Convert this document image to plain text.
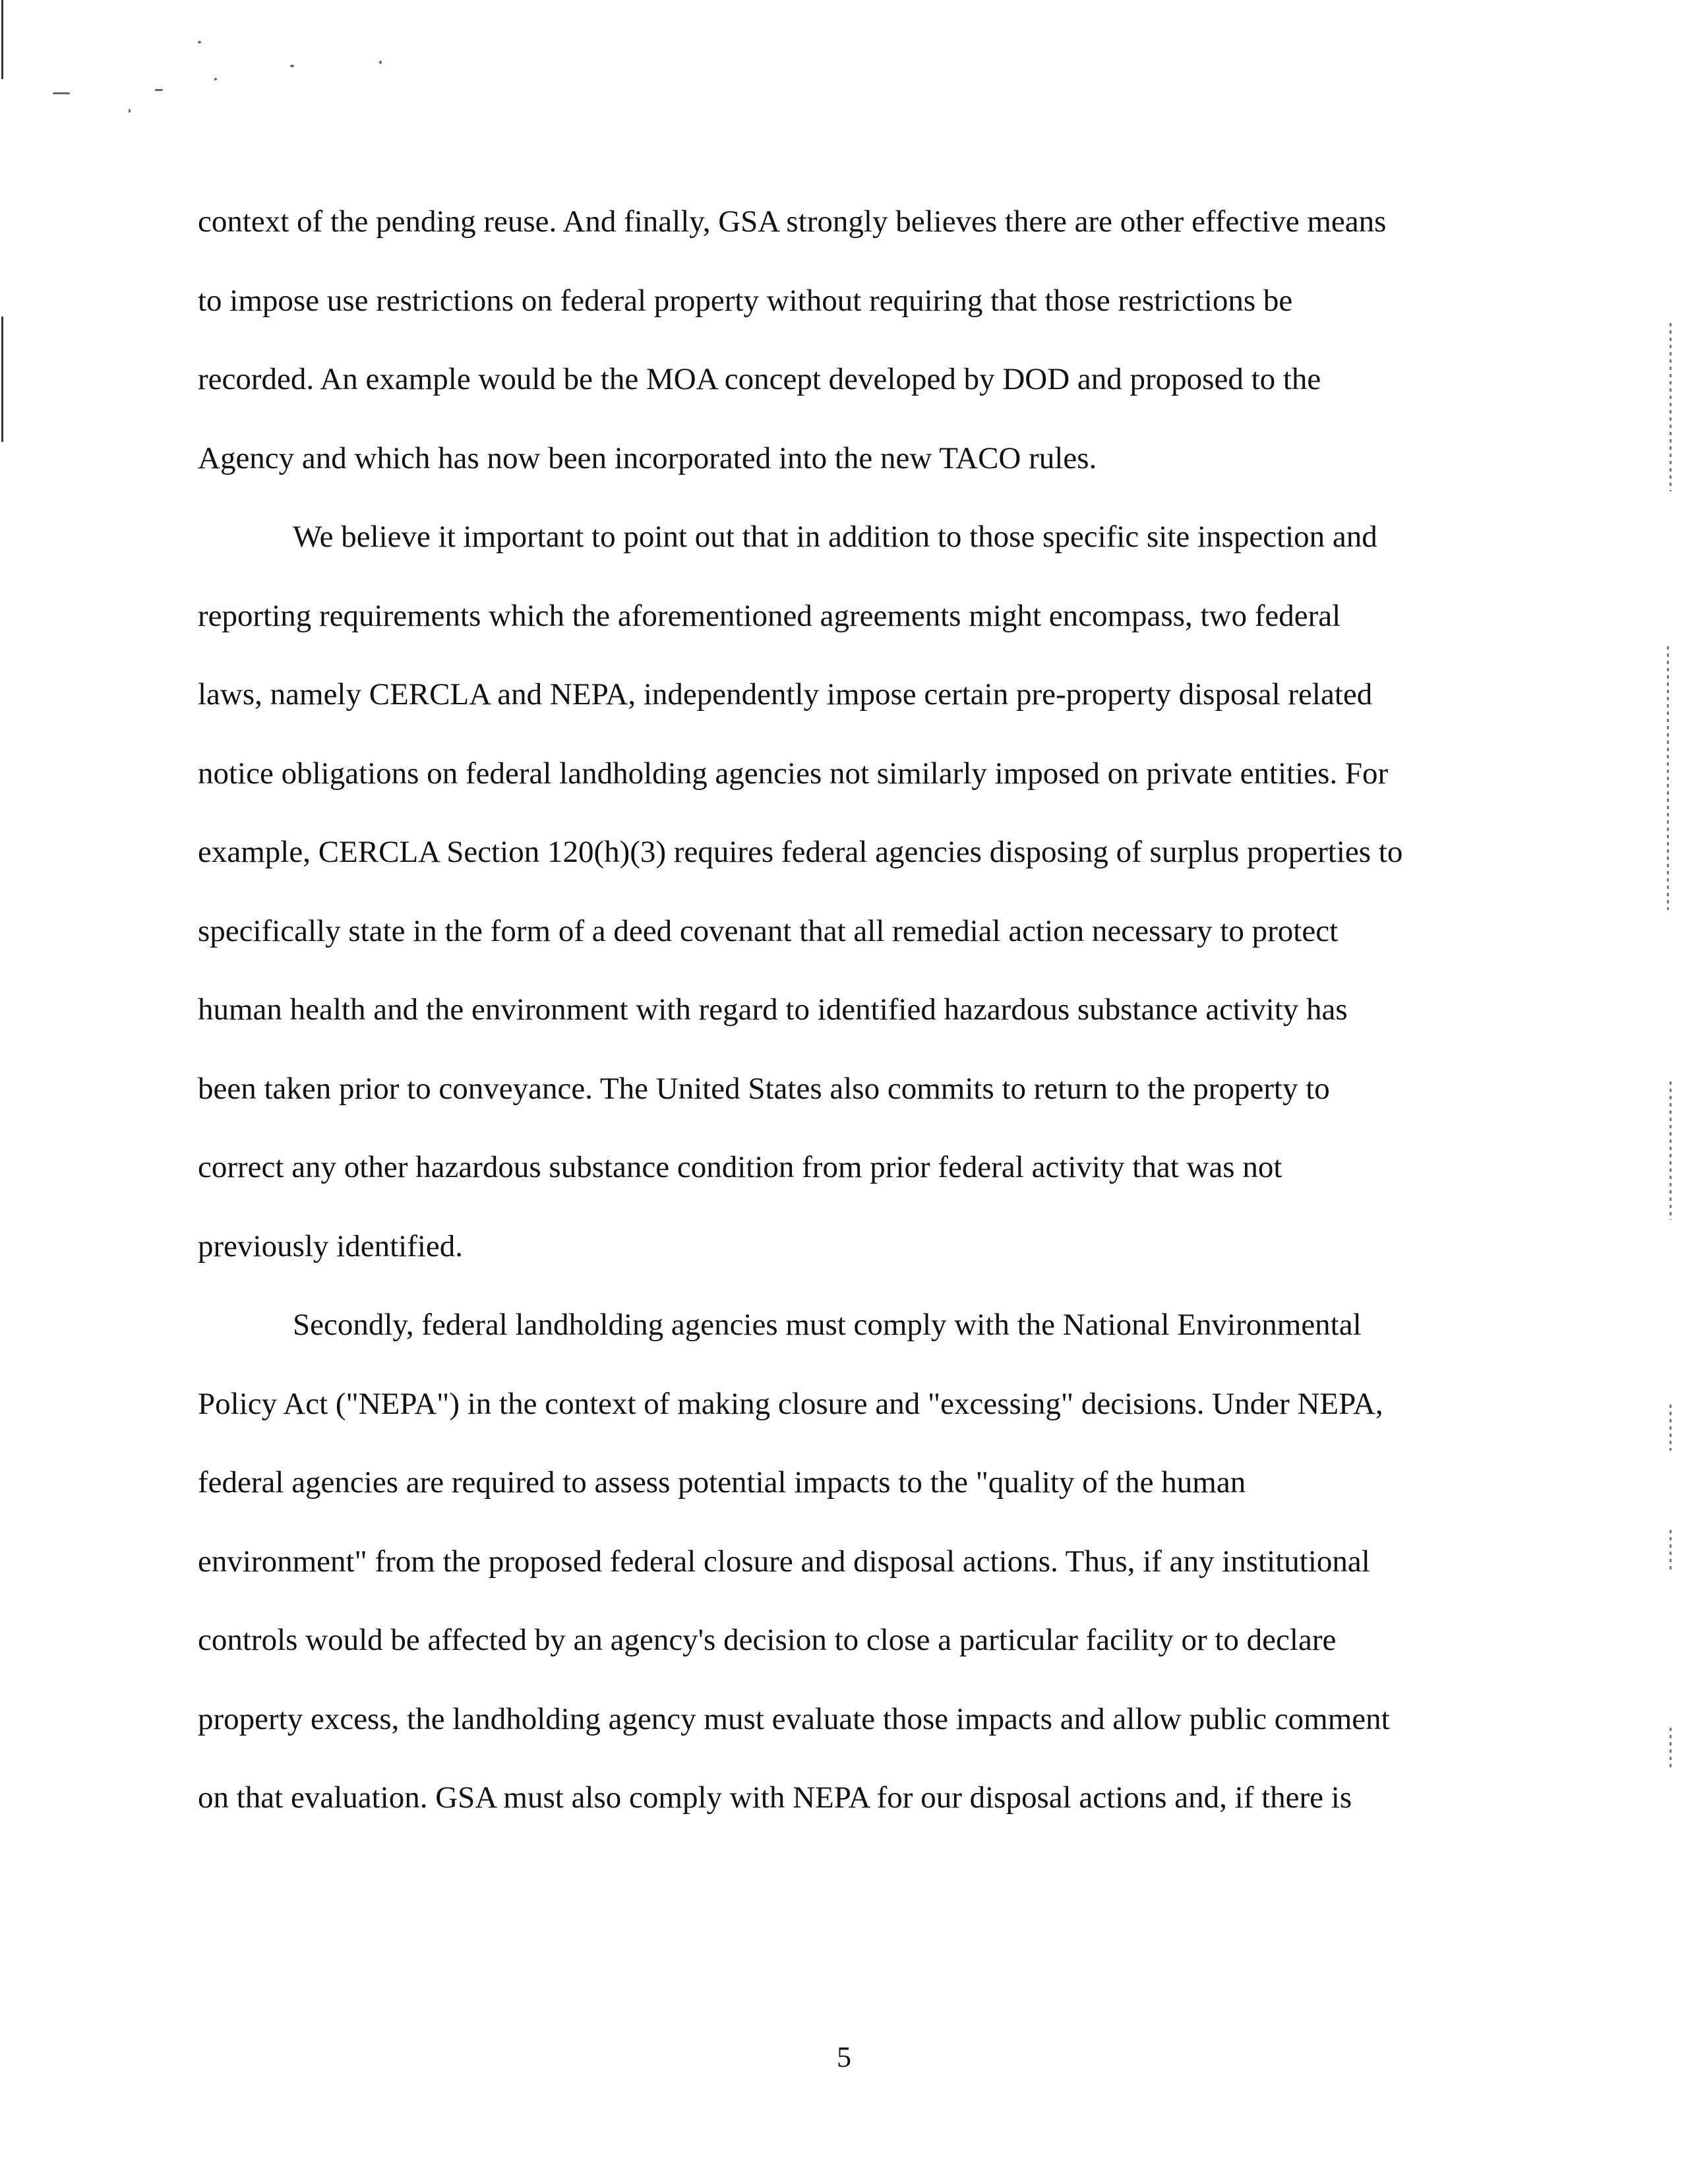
context of the pending reuse. And finally, GSA strongly believes there are other effective means
to impose use restrictions on federal property without requiring that those restrictions be
recorded. An example would be the MOA concept developed by DOD and proposed to the
Agency and which has now been incorporated into the new TACO rules.
We believe it important to point out that in addition to those specific site inspection and
reporting requirements which the aforementioned agreements might encompass, two federal
laws, namely CERCLA and NEPA, independently impose certain pre-property disposal related
notice obligations on federal landholding agencies not similarly imposed on private entities. For
example, CERCLA Section 120(h)(3) requires federal agencies disposing of surplus properties to
specifically state in the form of a deed covenant that all remedial action necessary to protect
human health and the environment with regard to identified hazardous substance activity has
been taken prior to conveyance. The United States also commits to return to the property to
correct any other hazardous substance condition from prior federal activity that was not
previously identified.
Secondly, federal landholding agencies must comply with the National Environmental
Policy Act ("NEPA") in the context of making closure and "excessing" decisions. Under NEPA,
federal agencies are required to assess potential impacts to the "quality of the human
environment" from the proposed federal closure and disposal actions. Thus, if any institutional
controls would be affected by an agency's decision to close a particular facility or to declare
property excess, the landholding agency must evaluate those impacts and allow public comment
on that evaluation. GSA must also comply with NEPA for our disposal actions and, if there is
5
